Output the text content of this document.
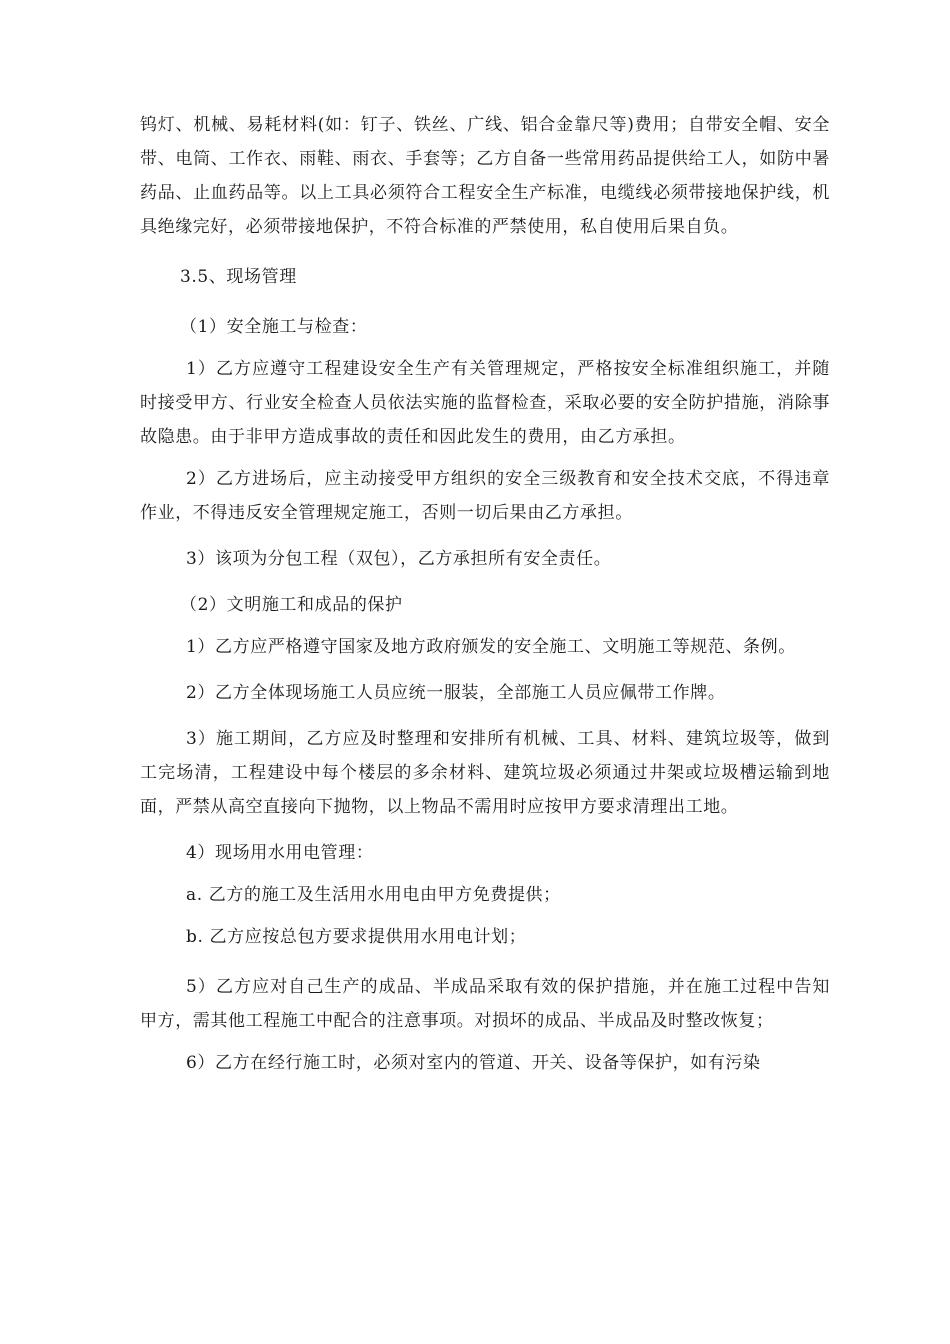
钨灯、机械、易耗材料(如：钉子、铁丝、广线、铝合金靠尺等)费用；自带安全帽、安全带、电筒、工作衣、雨鞋、雨衣、手套等；乙方自备一些常用药品提供给工人，如防中暑药品、止血药品等。以上工具必须符合工程安全生产标准，电缆线必须带接地保护线，机具绝缘完好，必须带接地保护，不符合标准的严禁使用，私自使用后果自负。

3.5、现场管理

（1）安全施工与检查：

1）乙方应遵守工程建设安全生产有关管理规定，严格按安全标准组织施工，并随时接受甲方、行业安全检查人员依法实施的监督检查，采取必要的安全防护措施，消除事故隐患。由于非甲方造成事故的责任和因此发生的费用，由乙方承担。

2）乙方进场后，应主动接受甲方组织的安全三级教育和安全技术交底，不得违章作业，不得违反安全管理规定施工，否则一切后果由乙方承担。

3）该项为分包工程（双包），乙方承担所有安全责任。

（2）文明施工和成品的保护

1）乙方应严格遵守国家及地方政府颁发的安全施工、文明施工等规范、条例。

2）乙方全体现场施工人员应统一服装，全部施工人员应佩带工作牌。

3）施工期间，乙方应及时整理和安排所有机械、工具、材料、建筑垃圾等，做到工完场清，工程建设中每个楼层的多余材料、建筑垃圾必须通过井架或垃圾槽运输到地面，严禁从高空直接向下抛物，以上物品不需用时应按甲方要求清理出工地。

4）现场用水用电管理：

a. 乙方的施工及生活用水用电由甲方免费提供；

b. 乙方应按总包方要求提供用水用电计划；

5）乙方应对自己生产的成品、半成品采取有效的保护措施，并在施工过程中告知甲方，需其他工程施工中配合的注意事项。对损坏的成品、半成品及时整改恢复；

6）乙方在经行施工时，必须对室内的管道、开关、设备等保护，如有污染
